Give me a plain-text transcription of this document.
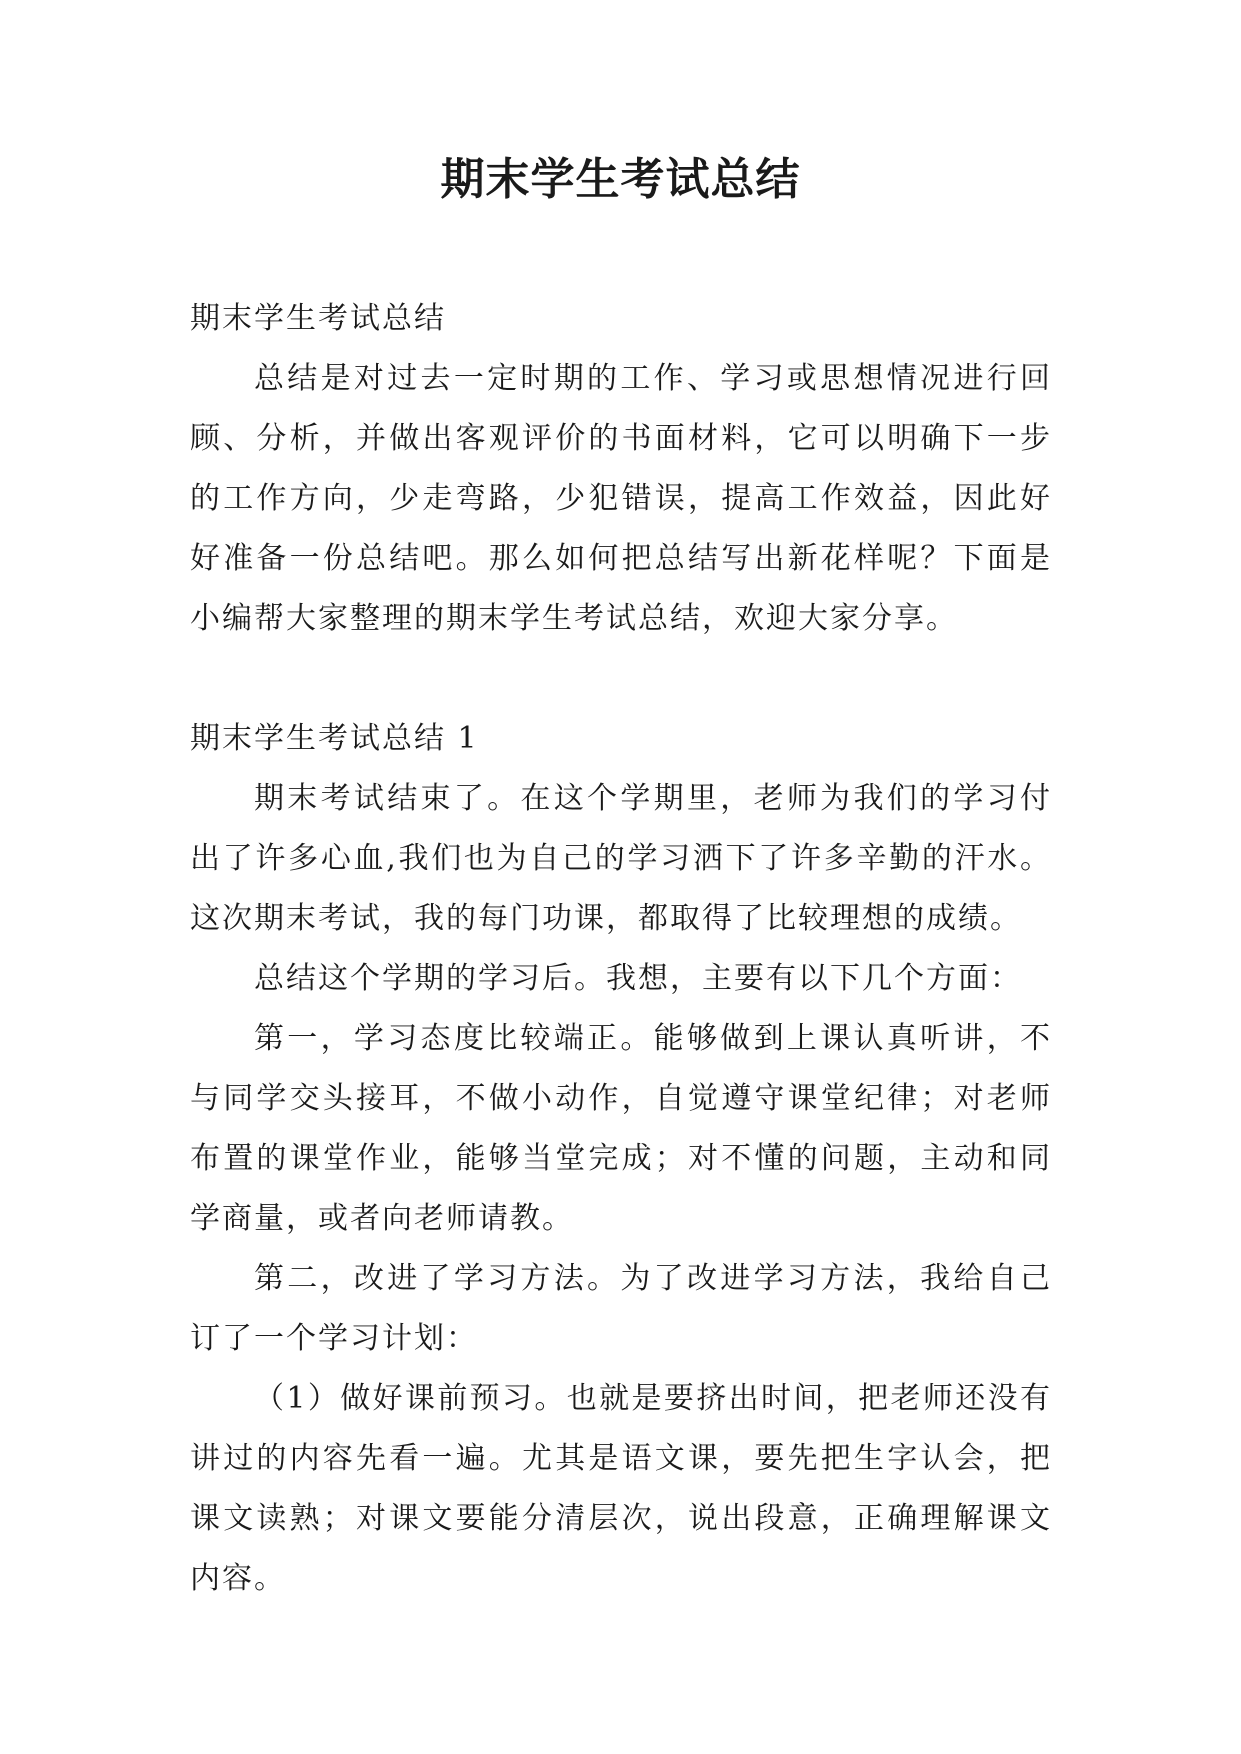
期末学生考试总结

期末学生考试总结

总结是对过去一定时期的工作、学习或思想情况进行回顾、分析，并做出客观评价的书面材料，它可以明确下一步的工作方向，少走弯路，少犯错误，提高工作效益，因此好好准备一份总结吧。那么如何把总结写出新花样呢？下面是小编帮大家整理的期末学生考试总结，欢迎大家分享。

期末学生考试总结 1

期末考试结束了。在这个学期里，老师为我们的学习付出了许多心血,我们也为自己的学习洒下了许多辛勤的汗水。这次期末考试，我的每门功课，都取得了比较理想的成绩。

总结这个学期的学习后。我想，主要有以下几个方面：

第一，学习态度比较端正。能够做到上课认真听讲，不与同学交头接耳，不做小动作，自觉遵守课堂纪律；对老师布置的课堂作业，能够当堂完成；对不懂的问题，主动和同学商量，或者向老师请教。

第二，改进了学习方法。为了改进学习方法，我给自己订了一个学习计划：

（1）做好课前预习。也就是要挤出时间，把老师还没有讲过的内容先看一遍。尤其是语文课，要先把生字认会，把课文读熟；对课文要能分清层次，说出段意，正确理解课文内容。
